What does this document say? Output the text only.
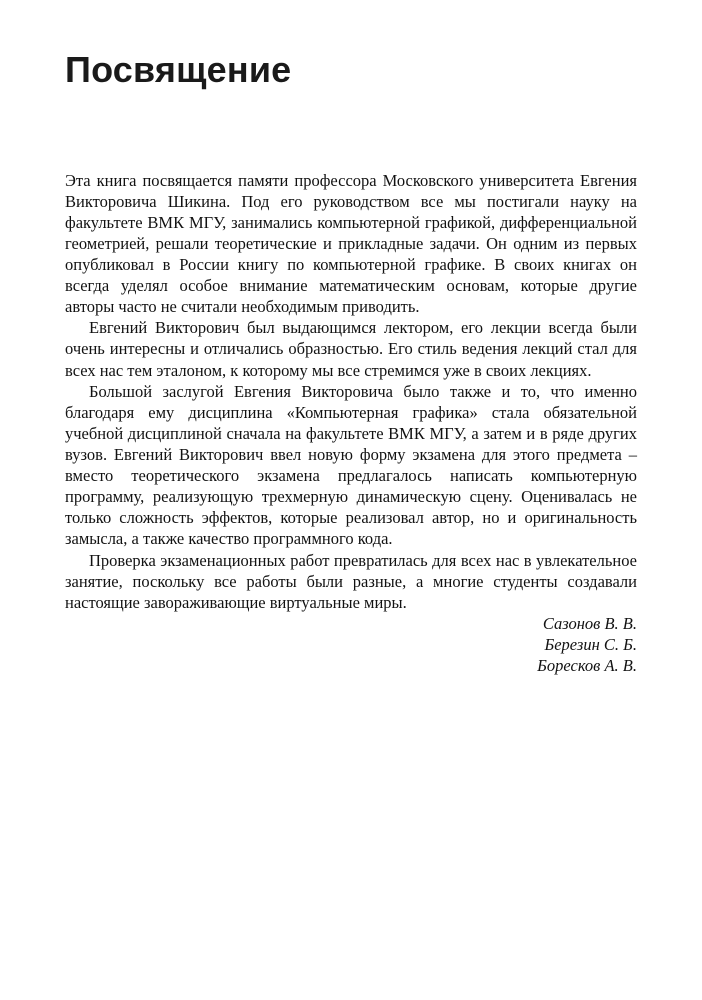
Посвящение

Эта книга посвящается памяти профессора Московского университета Евгения Викторовича Шикина. Под его руководством все мы постигали науку на факультете ВМК МГУ, занимались компьютерной графикой, дифференциальной геометрией, решали теоретические и прикладные задачи. Он одним из первых опубликовал в России книгу по компьютерной графике. В своих книгах он всегда уделял особое внимание математическим основам, которые другие авторы часто не считали необходимым приводить.

Евгений Викторович был выдающимся лектором, его лекции всегда были очень интересны и отличались образностью. Его стиль ведения лекций стал для всех нас тем эталоном, к которому мы все стремимся уже в своих лекциях.

Большой заслугой Евгения Викторовича было также и то, что именно благодаря ему дисциплина «Компьютерная графика» стала обязательной учебной дисциплиной сначала на факультете ВМК МГУ, а затем и в ряде других вузов. Евгений Викторович ввел новую форму экзамена для этого предмета – вместо теоретического экзамена предлагалось написать компьютерную программу, реализующую трехмерную динамическую сцену. Оценивалась не только сложность эффектов, которые реализовал автор, но и оригинальность замысла, а также качество программного кода.

Проверка экзаменационных работ превратилась для всех нас в увлекательное занятие, поскольку все работы были разные, а многие студенты создавали настоящие завораживающие виртуальные миры.

Сазонов В. В.
Березин С. Б.
Боресков А. В.
